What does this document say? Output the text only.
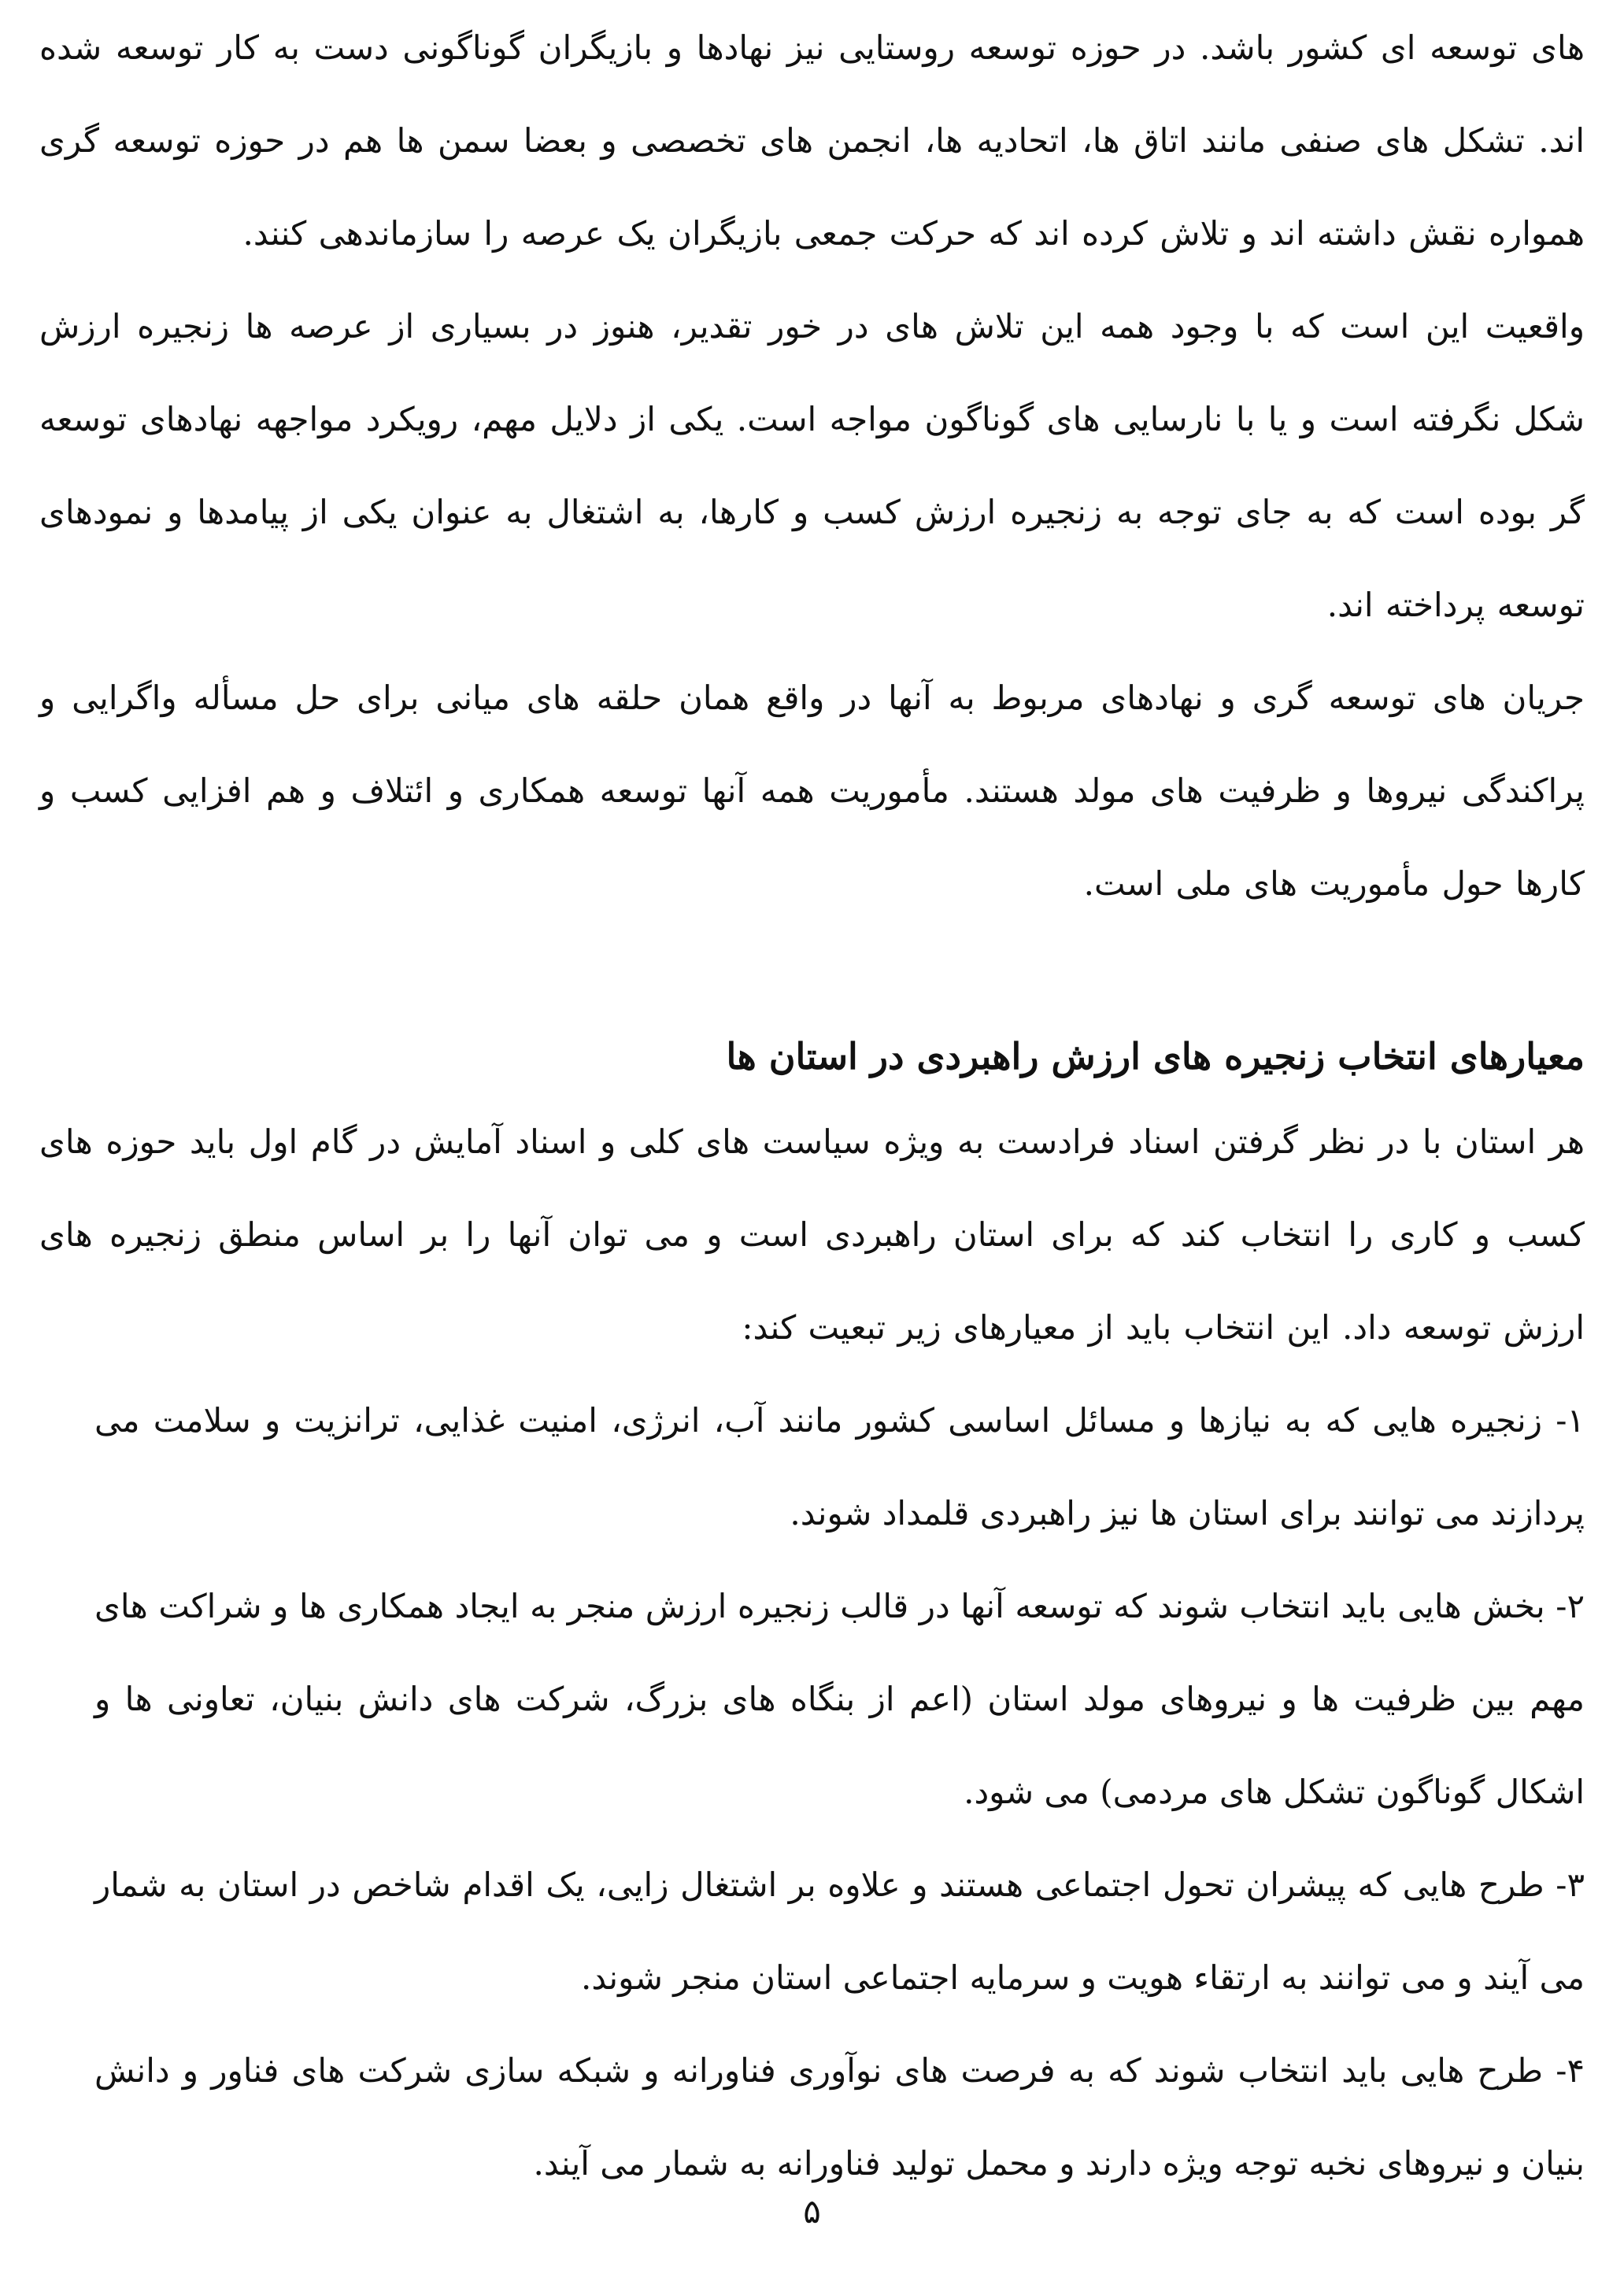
های توسعه ای کشور باشد. در حوزه توسعه روستایی نیز نهادها و بازیگران گوناگونی دست به کار توسعه شده اند. تشکل های صنفی مانند اتاق ها، اتحادیه ها، انجمن های تخصصی و بعضا سمن ها هم در حوزه توسعه گری همواره نقش داشته اند و تلاش کرده اند که حرکت جمعی بازیگران یک عرصه را سازماندهی کنند.

واقعیت این است که با وجود همه این تلاش های در خور تقدیر، هنوز در بسیاری از عرصه ها زنجیره ارزش شکل نگرفته است و یا با نارسایی های گوناگون مواجه است. یکی از دلایل مهم، رویکرد مواجهه نهادهای توسعه گر بوده است که به جای توجه به زنجیره ارزش کسب و کارها، به اشتغال به عنوان یکی از پیامدها و نمودهای توسعه پرداخته اند.

جریان های توسعه گری و نهادهای مربوط به آنها در واقع همان حلقه های میانی برای حل مسأله واگرایی و پراکندگی نیروها و ظرفیت های مولد هستند. مأموریت همه آنها توسعه همکاری و ائتلاف و هم افزایی کسب و کارها حول مأموریت های ملی است.

معیارهای انتخاب زنجیره های ارزش راهبردی در استان ها

هر استان با در نظر گرفتن اسناد فرادست به ویژه سیاست های کلی و اسناد آمایش در گام اول باید حوزه های کسب و کاری را انتخاب کند که برای استان راهبردی است و می توان آنها را بر اساس منطق زنجیره های ارزش توسعه داد. این انتخاب باید از معیارهای زیر تبعیت کند:

۱- زنجیره هایی که به نیازها و مسائل اساسی کشور مانند آب، انرژی، امنیت غذایی، ترانزیت و سلامت می پردازند می توانند برای استان ها نیز راهبردی قلمداد شوند.
۲- بخش هایی باید انتخاب شوند که توسعه آنها در قالب زنجیره ارزش منجر به ایجاد همکاری ها و شراکت های مهم بین ظرفیت ها و نیروهای مولد استان (اعم از بنگاه های بزرگ، شرکت های دانش بنیان، تعاونی ها و اشکال گوناگون تشکل های مردمی) می شود.
۳- طرح هایی که پیشران تحول اجتماعی هستند و علاوه بر اشتغال زایی، یک اقدام شاخص در استان به شمار می آیند و می توانند به ارتقاء هویت و سرمایه اجتماعی استان منجر شوند.
۴- طرح هایی باید انتخاب شوند که به فرصت های نوآوری فناورانه و شبکه سازی شرکت های فناور و دانش بنیان و نیروهای نخبه توجه ویژه دارند و محمل تولید فناورانه به شمار می آیند.
۵
